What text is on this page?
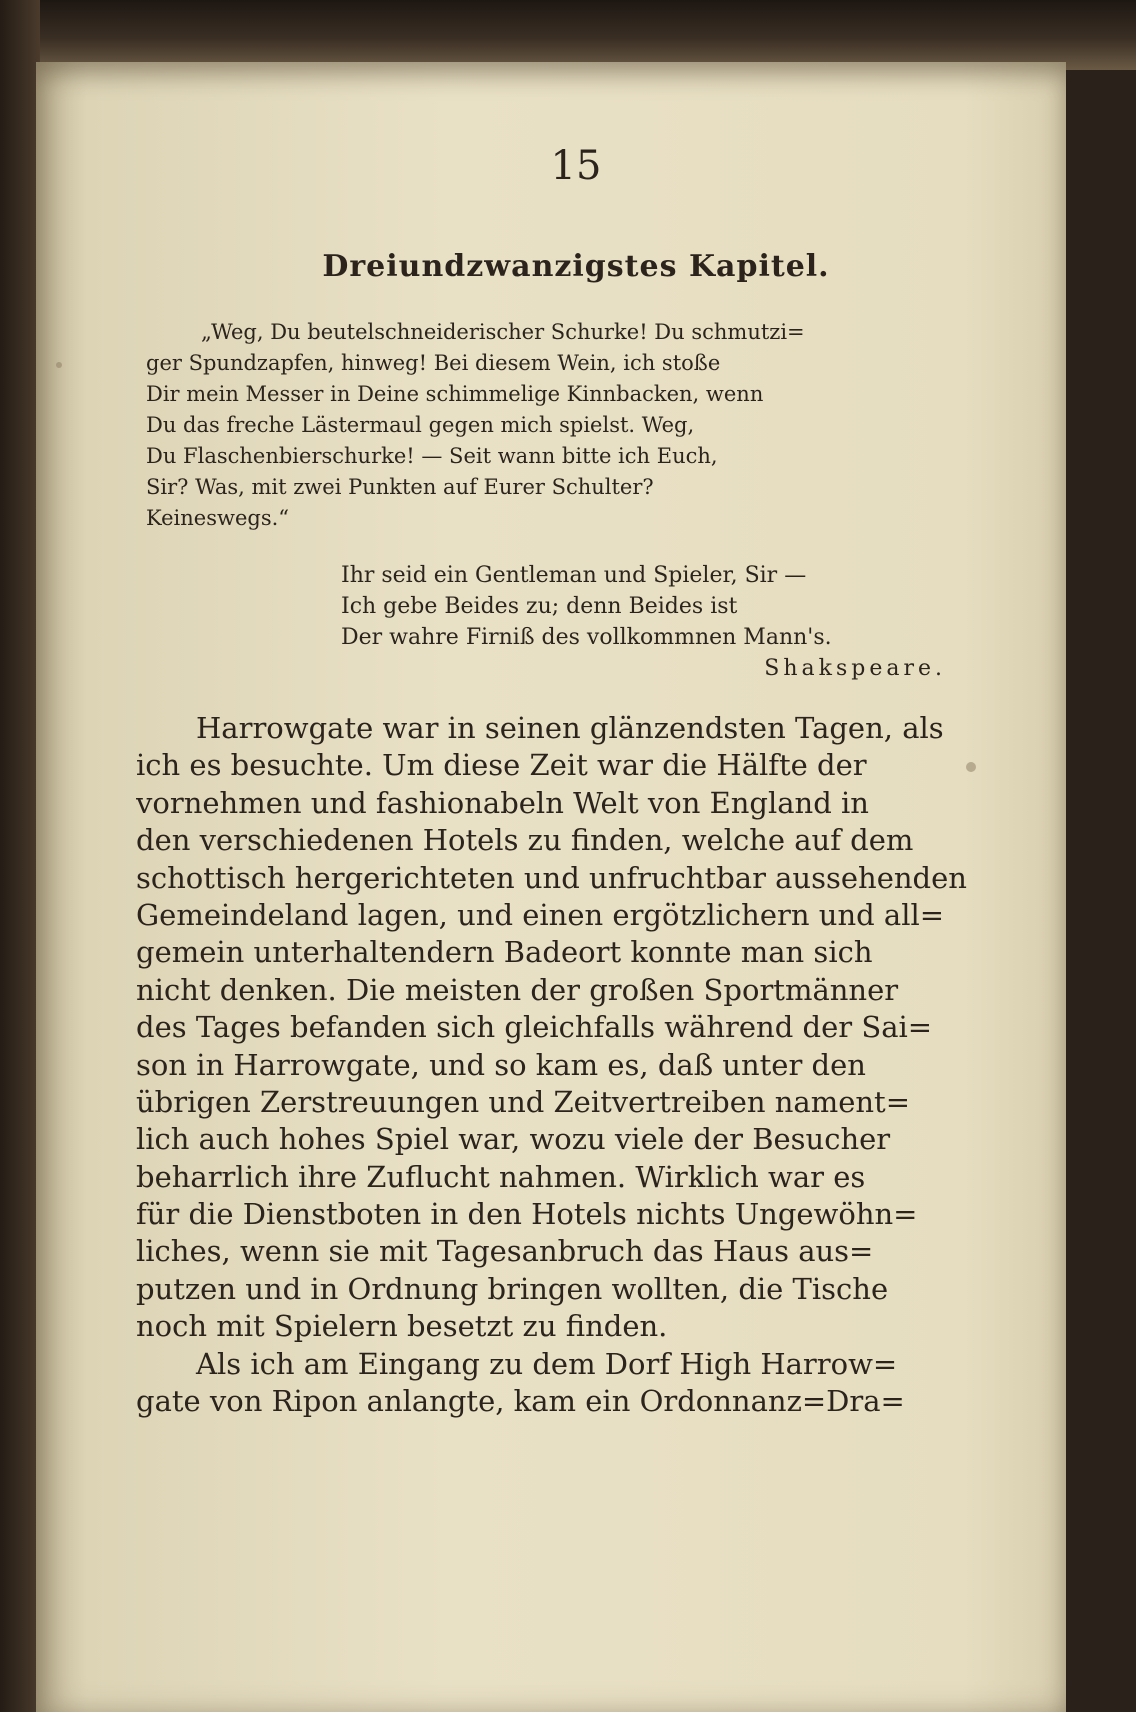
15
Dreiundzwanzigstes Kapitel.
„Weg, Du beutelschneiderischer Schurke! Du schmutzi=
ger Spundzapfen, hinweg! Bei diesem Wein, ich stoße
Dir mein Messer in Deine schimmelige Kinnbacken, wenn
Du das freche Lästermaul gegen mich spielst. Weg,
Du Flaschenbierschurke! — Seit wann bitte ich Euch,
Sir? Was, mit zwei Punkten auf Eurer Schulter?
Keineswegs.“
Ihr seid ein Gentleman und Spieler, Sir —
Ich gebe Beides zu; denn Beides ist
Der wahre Firniß des vollkommnen Mann's.
Shakspeare.
Harrowgate war in seinen glänzendsten Tagen, als
ich es besuchte. Um diese Zeit war die Hälfte der
vornehmen und fashionabeln Welt von England in
den verschiedenen Hotels zu finden, welche auf dem
schottisch hergerichteten und unfruchtbar aussehenden
Gemeindeland lagen, und einen ergötzlichern und all=
gemein unterhaltendern Badeort konnte man sich
nicht denken. Die meisten der großen Sportmänner
des Tages befanden sich gleichfalls während der Sai=
son in Harrowgate, und so kam es, daß unter den
übrigen Zerstreuungen und Zeitvertreiben nament=
lich auch hohes Spiel war, wozu viele der Besucher
beharrlich ihre Zuflucht nahmen. Wirklich war es
für die Dienstboten in den Hotels nichts Ungewöhn=
liches, wenn sie mit Tagesanbruch das Haus aus=
putzen und in Ordnung bringen wollten, die Tische
noch mit Spielern besetzt zu finden.
Als ich am Eingang zu dem Dorf High Harrow=
gate von Ripon anlangte, kam ein Ordonnanz=Dra=
